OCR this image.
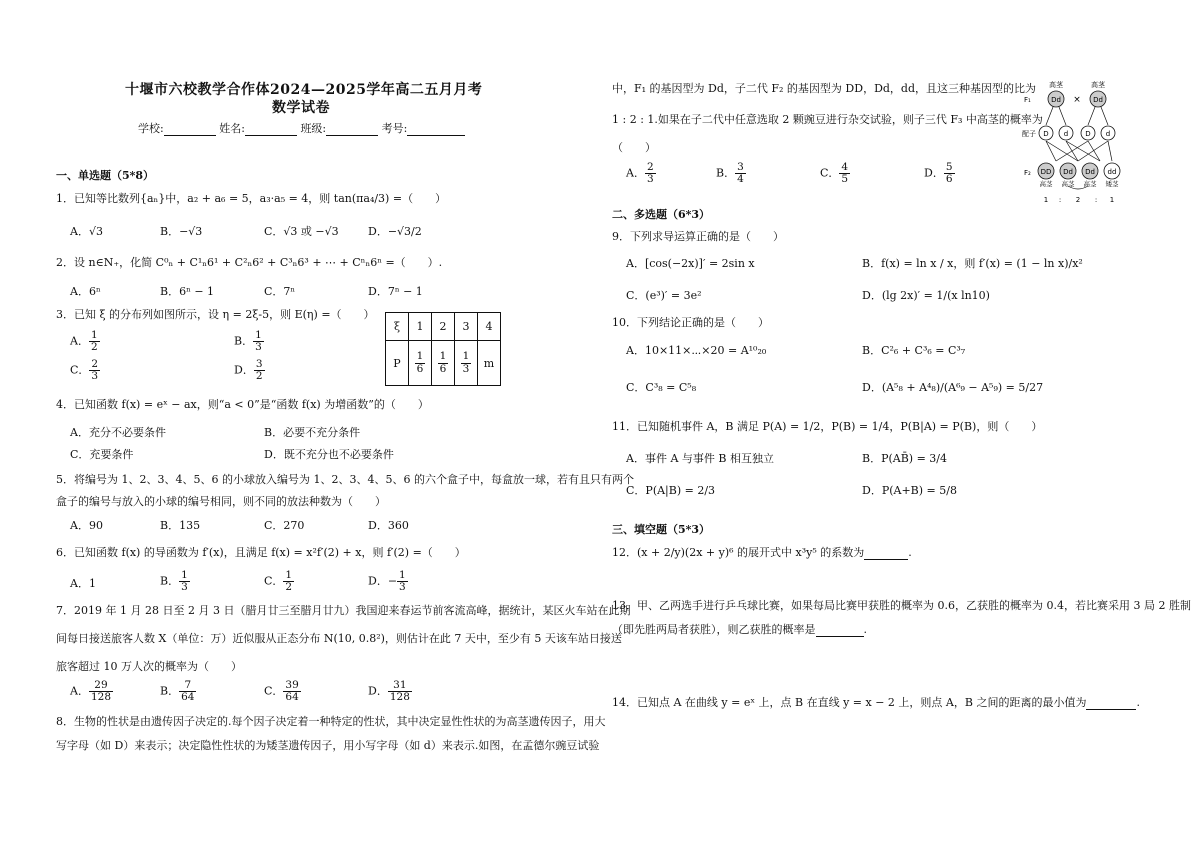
十堰市六校教学合作体2024—2025学年高二五月月考
数学试卷
学校:	姓名:	班级:	考号:
一、单选题（5*8）
1．已知等比数列{aₙ}中，a₂ + a₆ = 5，a₃·a₅ = 4，则 tan(πa₄/3) =（　　）
A．√3	B．−√3	C．√3 或 −√3	D．−√3/2
2．设 n∈N₊，化简 C⁰ₙ + C¹ₙ6¹ + C²ₙ6² + C³ₙ6³ + ⋯ + Cⁿₙ6ⁿ =（　　）.
A．6ⁿ	B．6ⁿ − 1	C．7ⁿ	D．7ⁿ − 1
3．已知 ξ 的分布列如图所示，设 η = 2ξ-5，则 E(η) =（　　）
A． $\frac{1}{2}$	B． $\frac{1}{3}$
C． $\frac{2}{3}$	D． $\frac{3}{2}$
ξ	1	2	3	4
P	$\frac{1}{6}$	$\frac{1}{6}$	$\frac{1}{3}$	m
4．已知函数 f(x) = eˣ − ax，则“a < 0”是“函数 f(x) 为增函数”的（　　）
A．充分不必要条件	B．必要不充分条件
C．充要条件	D．既不充分也不必要条件
5．将编号为 1、2、3、4、5、6 的小球放入编号为 1、2、3、4、5、6 的六个盒子中，每盒放一球，若有且只有两个
盒子的编号与放入的小球的编号相同，则不同的放法种数为（　　）
A．90	B．135	C．270	D．360
6．已知函数 f(x) 的导函数为 f′(x)，且满足 f(x) = x²f′(2) + x，则 f′(2) =（　　）
A．1	B． $\frac{1}{3}$	C． $\frac{1}{2}$	D．− $\frac{1}{3}$
7．2019 年 1 月 28 日至 2 月 3 日（腊月廿三至腊月廿九）我国迎来春运节前客流高峰，据统计，某区火车站在此期
间每日接送旅客人数 X（单位：万）近似服从正态分布 N(10, 0.8²)，则估计在此 7 天中，至少有 5 天该车站日接送
旅客超过 10 万人次的概率为（　　）
A． $\frac{29}{128}$	B． $\frac{7}{64}$	C． $\frac{39}{64}$	D． $\frac{31}{128}$
8．生物的性状是由遗传因子决定的.每个因子决定着一种特定的性状，其中决定显性性状的为高茎遗传因子，用大
写字母（如 D）来表示；决定隐性性状的为矮茎遗传因子，用小写字母（如 d）来表示.如图，在孟德尔豌豆试验
中，F₁ 的基因型为 Dd，子二代 F₂ 的基因型为 DD，Dd，dd，且这三种基因型的比为
1 : 2 : 1.如果在子二代中任意选取 2 颗豌豆进行杂交试验，则子三代 F₃ 中高茎的概率为
（　　）
A． $\frac{2}{3}$	B． $\frac{3}{4}$	C． $\frac{4}{5}$	D． $\frac{5}{6}$
高茎	高茎
F₁
配子
F₂
Dd × Dd
D d D d
DD Dd Dd dd
高茎 高茎 高茎 矮茎
1 : 2 : 1
二、多选题（6*3）
9．下列求导运算正确的是（　　）
A．[cos(−2x)]′ = 2sin x	B．f(x) = ln x / x，则 f′(x) = (1 − ln x)/x²
C．(e³)′ = 3e²	D．(lg 2x)′ = 1/(x ln10)
10．下列结论正确的是（　　）
A．10×11×⋯×20 = A¹⁰₂₀	B．C²₆ + C³₆ = C³₇
C．C³₈ = C⁵₈	D．(A⁵₈ + A⁴₈)/(A⁶₉ − A⁵₉) = 5/27
11．已知随机事件 A，B 满足 P(A) = 1/2，P(B) = 1/4，P(B|A) = P(B)，则（　　）
A．事件 A 与事件 B 相互独立	B．P(AB̄) = 3/4
C．P(A|B) = 2/3	D．P(A+B) = 5/8
三、填空题（5*3）
12．(x + 2/y)(2x + y)⁶ 的展开式中 x³y⁵ 的系数为	.
13．甲、乙两选手进行乒乓球比赛，如果每局比赛甲获胜的概率为 0.6，乙获胜的概率为 0.4，若比赛采用 3 局 2 胜制
（即先胜两局者获胜），则乙获胜的概率是	.
14．已知点 A 在曲线 y = eˣ 上，点 B 在直线 y = x − 2 上，则点 A，B 之间的距离的最小值为	.
